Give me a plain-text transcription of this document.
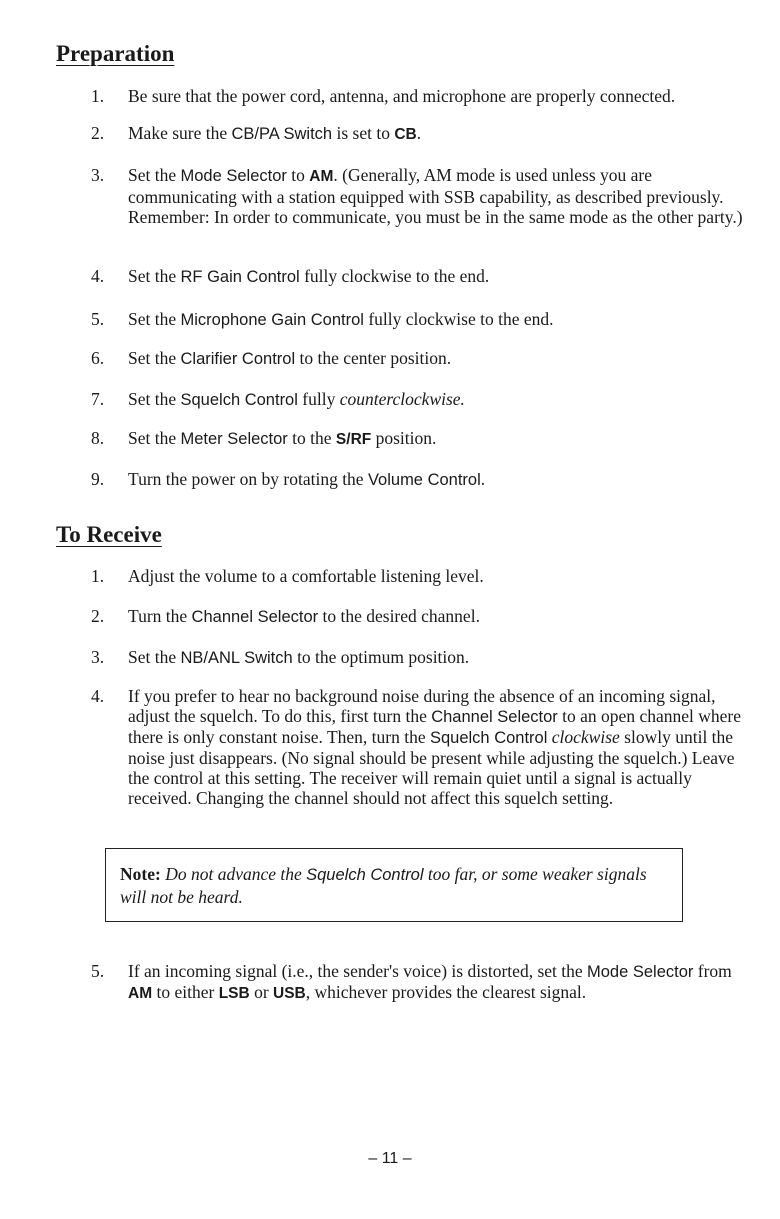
Preparation
1.	Be sure that the power cord, antenna, and microphone are properly connected.
2.	Make sure the CB/PA Switch is set to CB.
3.	Set the Mode Selector to AM. (Generally, AM mode is used unless you are communicating with a station equipped with SSB capability, as described previously. Remember: In order to communicate, you must be in the same mode as the other party.)
4.	Set the RF Gain Control fully clockwise to the end.
5.	Set the Microphone Gain Control fully clockwise to the end.
6.	Set the Clarifier Control to the center position.
7.	Set the Squelch Control fully counterclockwise.
8.	Set the Meter Selector to the S/RF position.
9.	Turn the power on by rotating the Volume Control.
To Receive
1.	Adjust the volume to a comfortable listening level.
2.	Turn the Channel Selector to the desired channel.
3.	Set the NB/ANL Switch to the optimum position.
4.	If you prefer to hear no background noise during the absence of an incoming signal, adjust the squelch. To do this, first turn the Channel Selector to an open channel where there is only constant noise. Then, turn the Squelch Control clockwise slowly until the noise just disappears. (No signal should be present while adjusting the squelch.) Leave the control at this setting. The receiver will remain quiet until a signal is actually received. Changing the channel should not affect this squelch setting.
Note: Do not advance the Squelch Control too far, or some weaker signals will not be heard.
5.	If an incoming signal (i.e., the sender's voice) is distorted, set the Mode Selector from AM to either LSB or USB, whichever provides the clearest signal.
– 11 –
